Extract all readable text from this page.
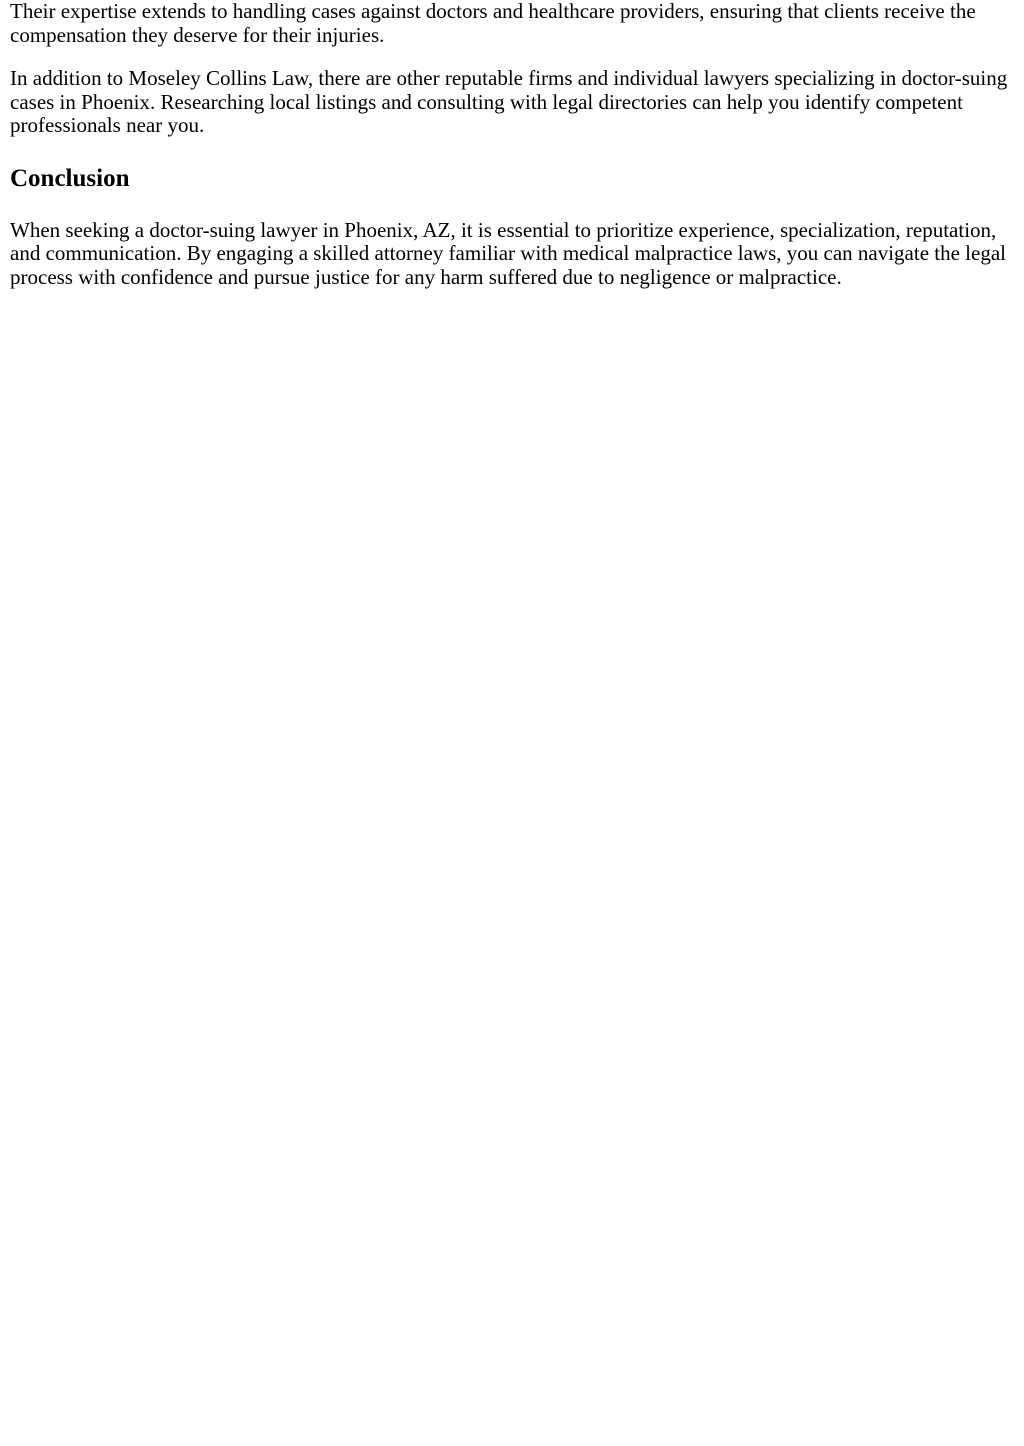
Their expertise extends to handling cases against doctors and healthcare providers, ensuring that clients receive the compensation they deserve for their injuries.

In addition to Moseley Collins Law, there are other reputable firms and individual lawyers specializing in doctor-suing cases in Phoenix. Researching local listings and consulting with legal directories can help you identify competent professionals near you.

Conclusion

When seeking a doctor-suing lawyer in Phoenix, AZ, it is essential to prioritize experience, specialization, reputation, and communication. By engaging a skilled attorney familiar with medical malpractice laws, you can navigate the legal process with confidence and pursue justice for any harm suffered due to negligence or malpractice.
